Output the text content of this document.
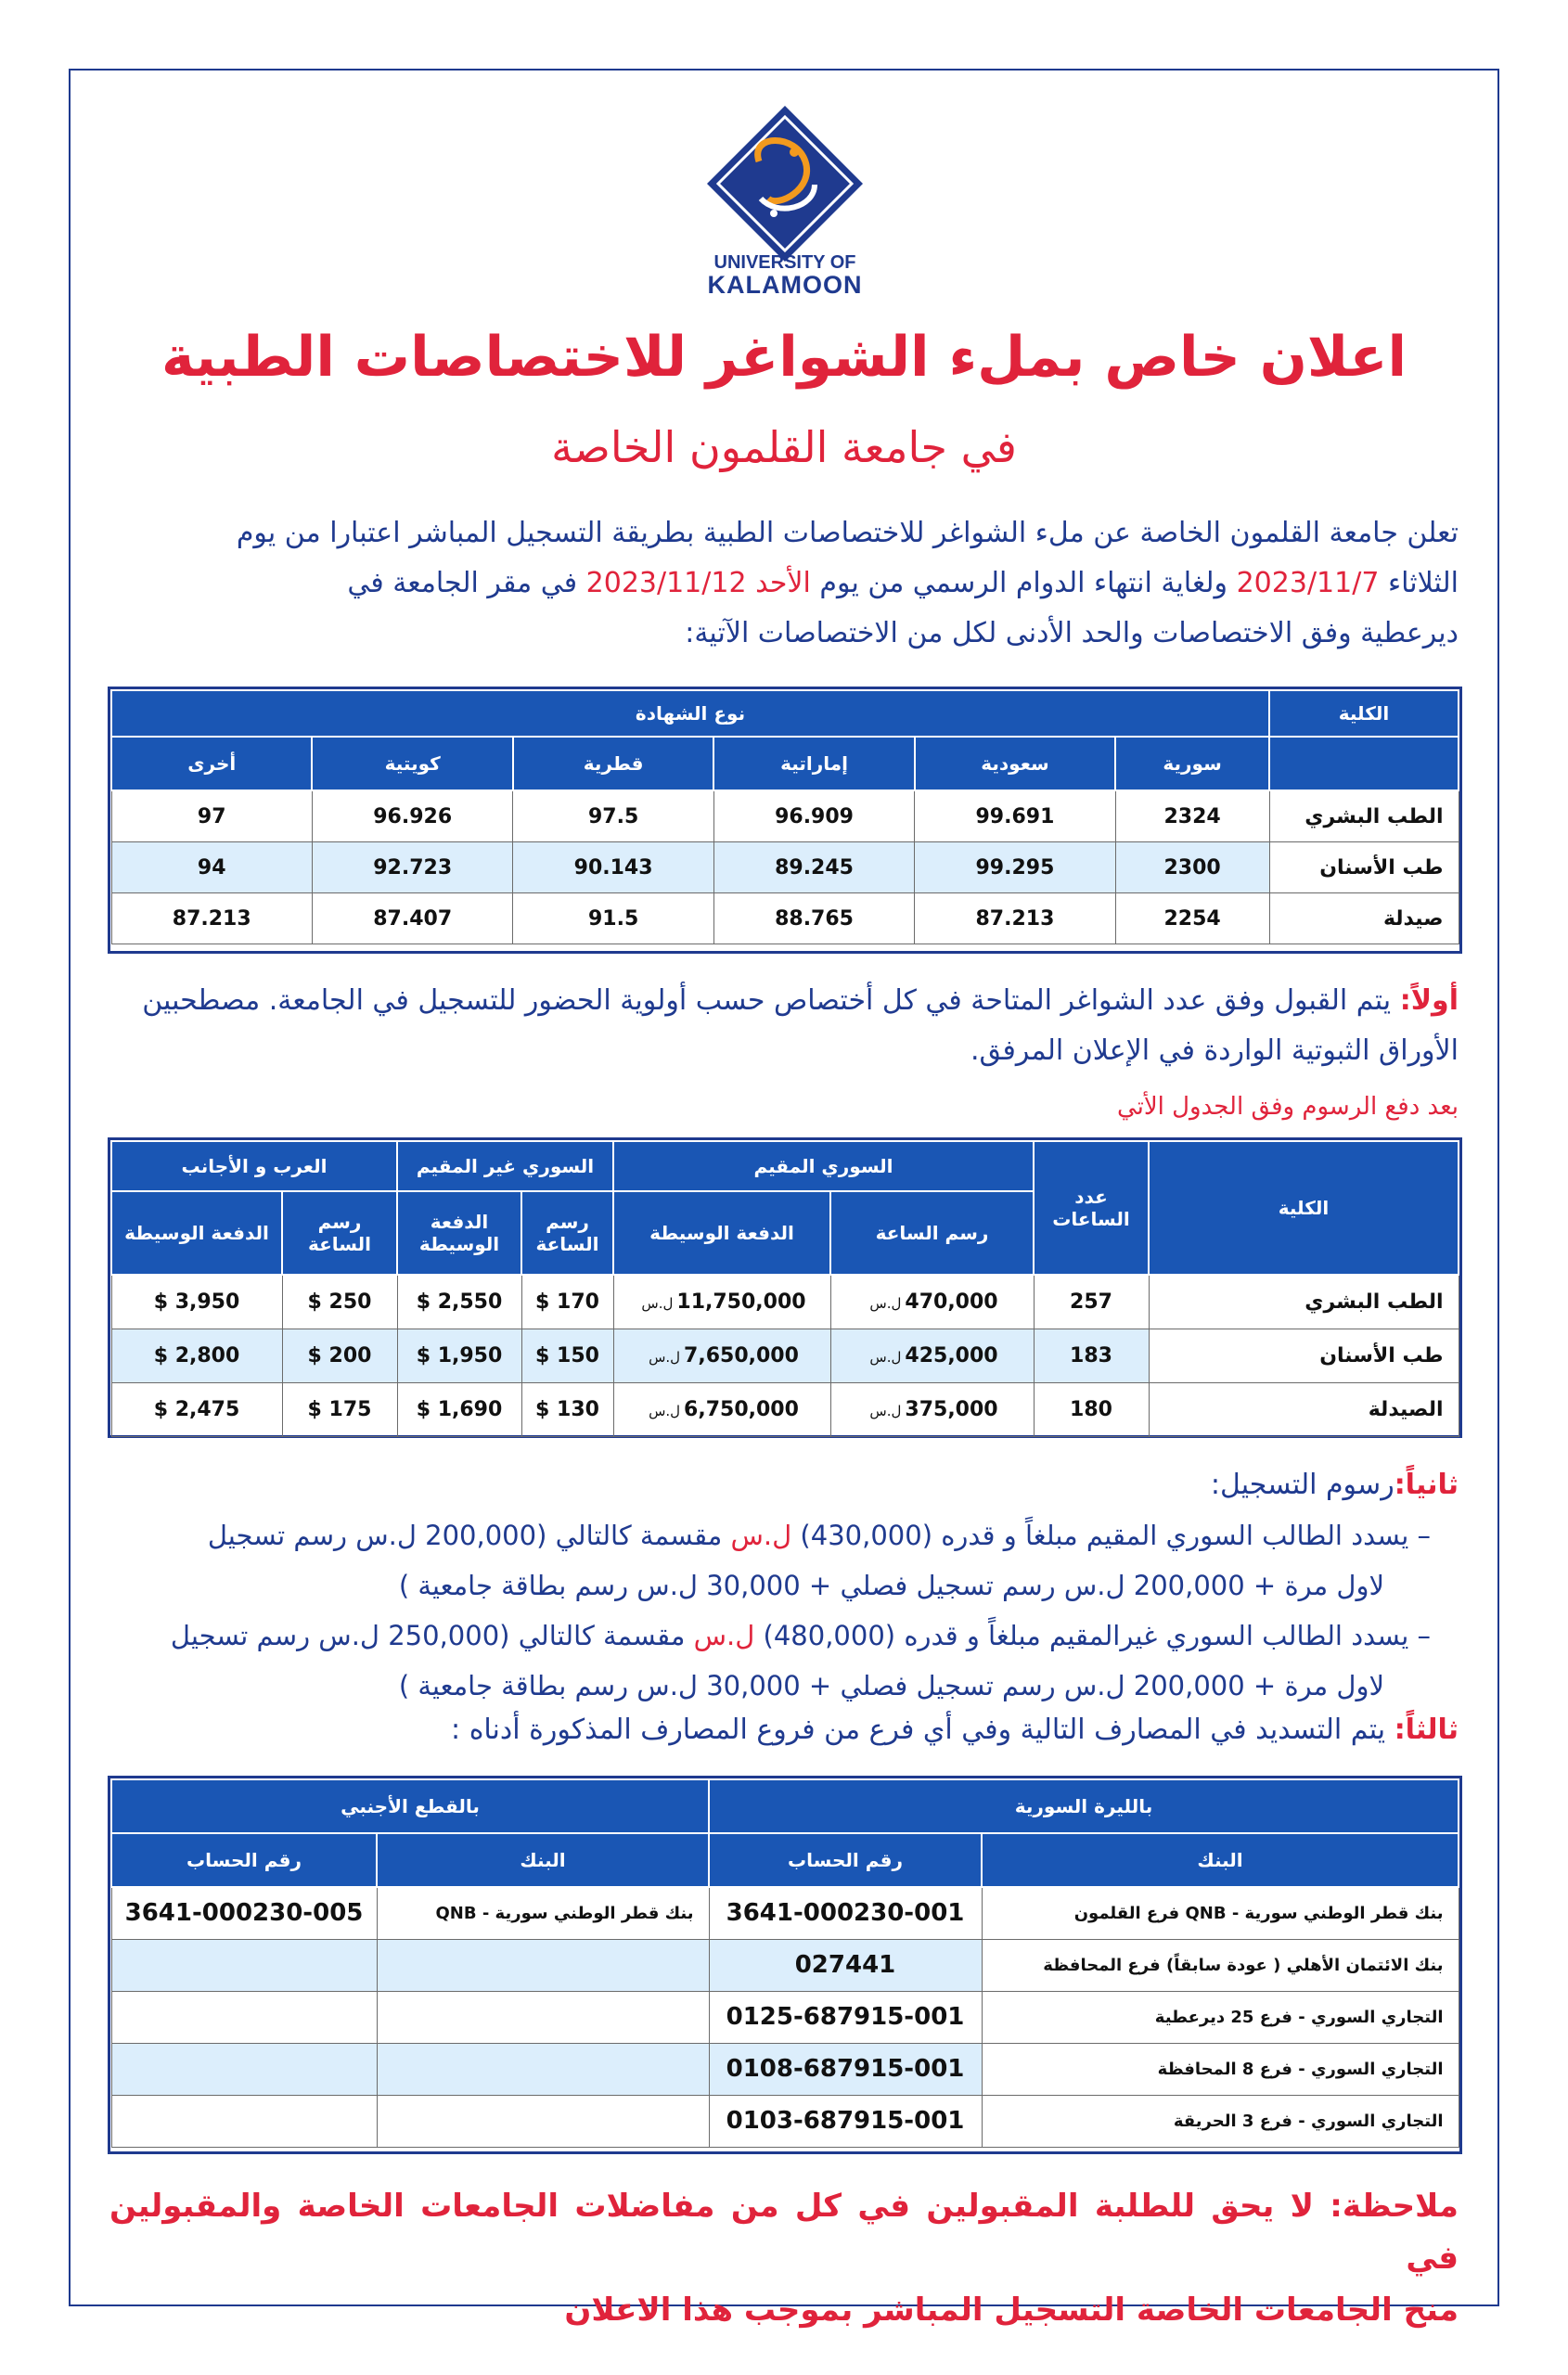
UNIVERSITY OF
KALAMOON
اعلان خاص بملء الشواغر للاختصاصات الطبية
في جامعة القلمون الخاصة
تعلن جامعة القلمون الخاصة عن ملء الشواغر للاختصاصات الطبية بطريقة التسجيل المباشر اعتبارا من يوم
الثلاثاء 2023/11/7 ولغاية انتهاء الدوام الرسمي من يوم الأحد 2023/11/12 في مقر الجامعة في
ديرعطية وفق الاختصاصات والحد الأدنى لكل من الاختصاصات الآتية:
الكلية	نوع الشهادة					
	سورية	سعودية	إماراتية	قطرية	كويتية	أخرى
الطب البشري	2324	99.691	96.909	97.5	96.926	97
طب الأسنان	2300	99.295	89.245	90.143	92.723	94
صيدلة	2254	87.213	88.765	91.5	87.407	87.213
أولاً: يتم القبول وفق عدد الشواغر المتاحة في كل أختصاص حسب أولوية الحضور للتسجيل في الجامعة. مصطحبين
الأوراق الثبوتية الواردة في الإعلان المرفق.
بعد دفع الرسوم وفق الجدول الأتي
الكلية	عدد الساعات	السوري المقيم		السوري غير المقيم		العرب و الأجانب	
		رسم الساعة	الدفعة الوسيطة	رسم الساعة	الدفعة الوسيطة	رسم الساعة	الدفعة الوسيطة
الطب البشري	257	470,000ل.س	11,750,000ل.س	170 $	2,550 $	250 $	3,950 $
طب الأسنان	183	425,000ل.س	7,650,000ل.س	150 $	1,950 $	200 $	2,800 $
الصيدلة	180	375,000ل.س	6,750,000ل.س	130 $	1,690 $	175 $	2,475 $
ثانياً:رسوم التسجيل:
– يسدد الطالب السوري المقيم مبلغاً و قدره (430,000) ل.س مقسمة كالتالي (200,000 ل.س رسم تسجيل
لاول مرة + 200,000 ل.س رسم تسجيل فصلي + 30,000 ل.س رسم بطاقة جامعية )
– يسدد الطالب السوري غيرالمقيم مبلغاً و قدره (480,000) ل.س مقسمة كالتالي (250,000 ل.س رسم تسجيل
لاول مرة + 200,000 ل.س رسم تسجيل فصلي + 30,000 ل.س رسم بطاقة جامعية )
ثالثاً: يتم التسديد في المصارف التالية وفي أي فرع من فروع المصارف المذكورة أدناه :
بالليرة السورية		بالقطع الأجنبي	
البنك	رقم الحساب	البنك	رقم الحساب
بنك قطر الوطني سورية - QNB فرع القلمون	3641-000230-001	بنك قطر الوطني سورية - QNB	3641-000230-005
بنك الائتمان الأهلي ( عودة سابقاً) فرع المحافظة	027441		
التجاري السوري - فرع 25 ديرعطية	0125-687915-001		
التجاري السوري - فرع 8 المحافظة	0108-687915-001		
التجاري السوري - فرع 3 الحريقة	0103-687915-001		
ملاحظة: لا يحق للطلبة المقبولين في كل من مفاضلات الجامعات الخاصة والمقبولين في
منح الجامعات الخاصة التسجيل المباشر بموجب هذا الاعلان
